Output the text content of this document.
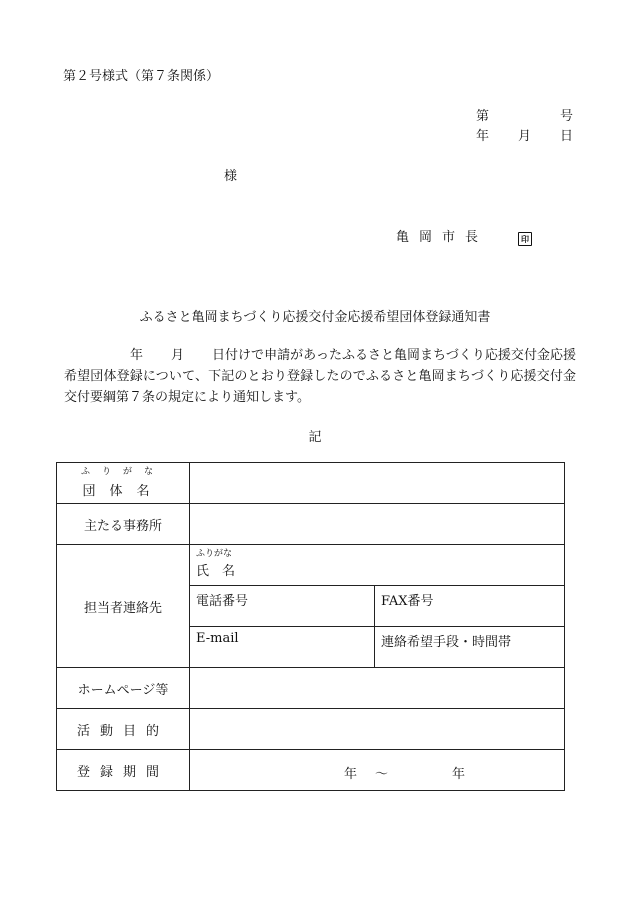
第２号様式（第７条関係）
第	号
年 月 日
様
亀岡市長	印
ふるさと亀岡まちづくり応援交付金応援希望団体登録通知書
年 月 日付けで申請があったふるさと亀岡まちづくり応援交付金応援希望団体登録について、下記のとおり登録したのでふるさと亀岡まちづくり応援交付金交付要綱第７条の規定により通知します。
記
ふりがな
団体名		
主たる事務所		
担当者連絡先	ふりがな
氏　名	
	電話番号	FAX番号
	E-mail	連絡希望手段・時間帯
ホームページ等		
活動目的		
登録期間	年 ～ 年	
